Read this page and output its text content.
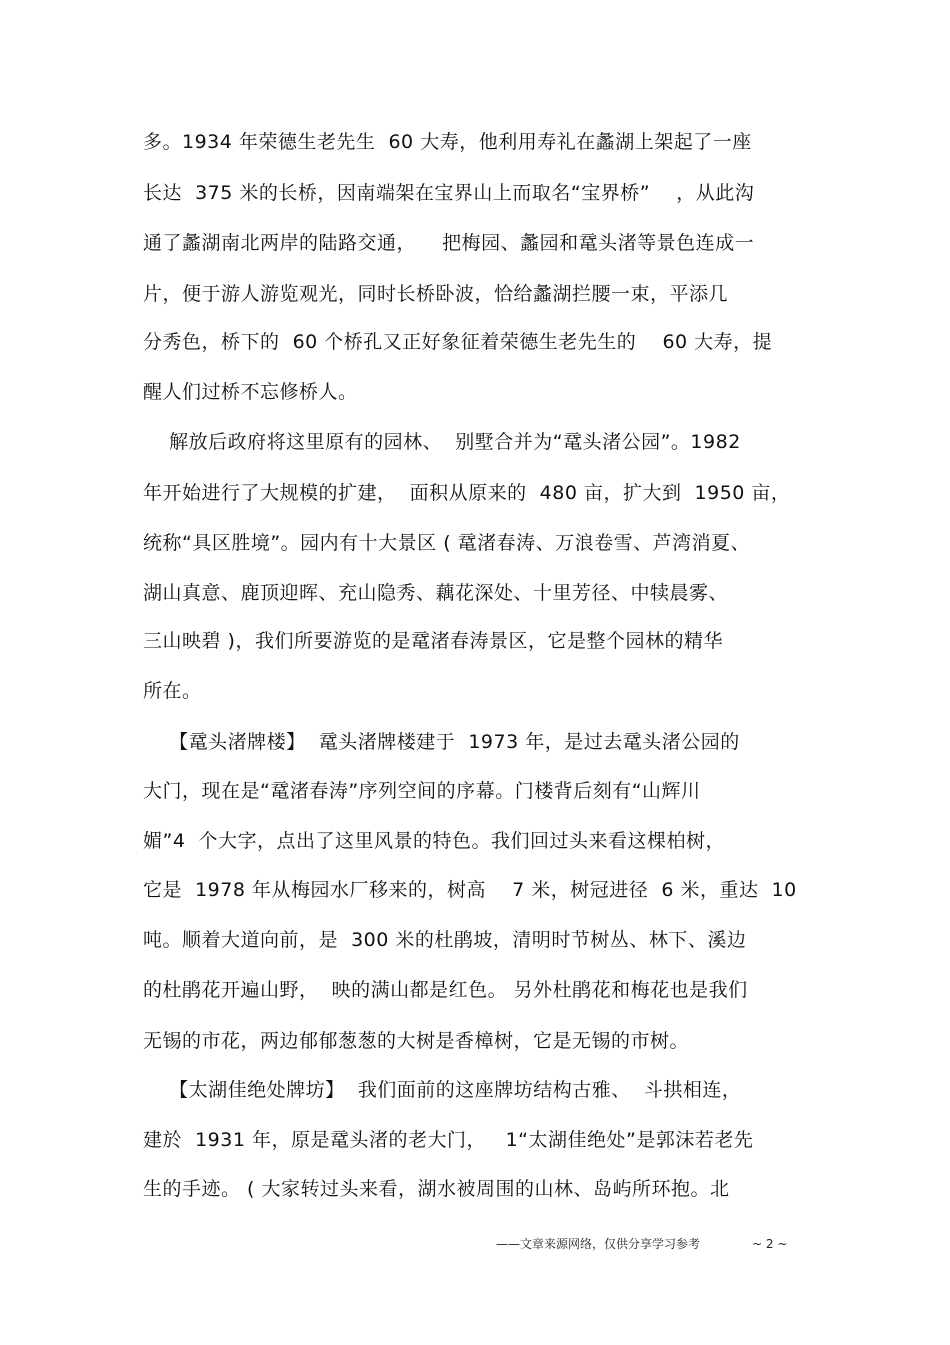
多。1934 年荣德生老先生  60 大寿，他利用寿礼在蠡湖上架起了一座
长达  375 米的长桥，因南端架在宝界山上而取名“宝界桥”    ，从此沟
通了蠡湖南北两岸的陆路交通，    把梅园、蠡园和鼋头渚等景色连成一
片，便于游人游览观光，同时长桥卧波，恰给蠡湖拦腰一束，平添几
分秀色，桥下的  60 个桥孔又正好象征着荣德生老先生的    60 大寿，提
醒人们过桥不忘修桥人。
解放后政府将这里原有的园林、  别墅合并为“鼋头渚公园”。1982
年开始进行了大规模的扩建，  面积从原来的  480 亩，扩大到  1950 亩，
统称“具区胜境”。园内有十大景区 ( 鼋渚春涛、万浪卷雪、芦湾消夏、
湖山真意、鹿顶迎晖、充山隐秀、藕花深处、十里芳径、中犊晨雾、
三山映碧 )，我们所要游览的是鼋渚春涛景区，它是整个园林的精华
所在。
【鼋头渚牌楼】  鼋头渚牌楼建于  1973 年，是过去鼋头渚公园的
大门，现在是“鼋渚春涛”序列空间的序幕。门楼背后刻有“山辉川
媚”4  个大字，点出了这里风景的特色。我们回过头来看这棵柏树，
它是  1978 年从梅园水厂移来的，树高    7 米，树冠进径  6 米，重达  10
吨。顺着大道向前，是  300 米的杜鹃坡，清明时节树丛、林下、溪边
的杜鹃花开遍山野，  映的满山都是红色。 另外杜鹃花和梅花也是我们
无锡的市花，两边郁郁葱葱的大树是香樟树，它是无锡的市树。
【太湖佳绝处牌坊】  我们面前的这座牌坊结构古雅、  斗拱相连，
建於  1931 年，原是鼋头渚的老大门，   1“太湖佳绝处”是郭沫若老先
生的手迹。 ( 大家转过头来看，湖水被周围的山林、岛屿所环抱。北
——文章来源网络，仅供分享学习参考	~ 2 ~
